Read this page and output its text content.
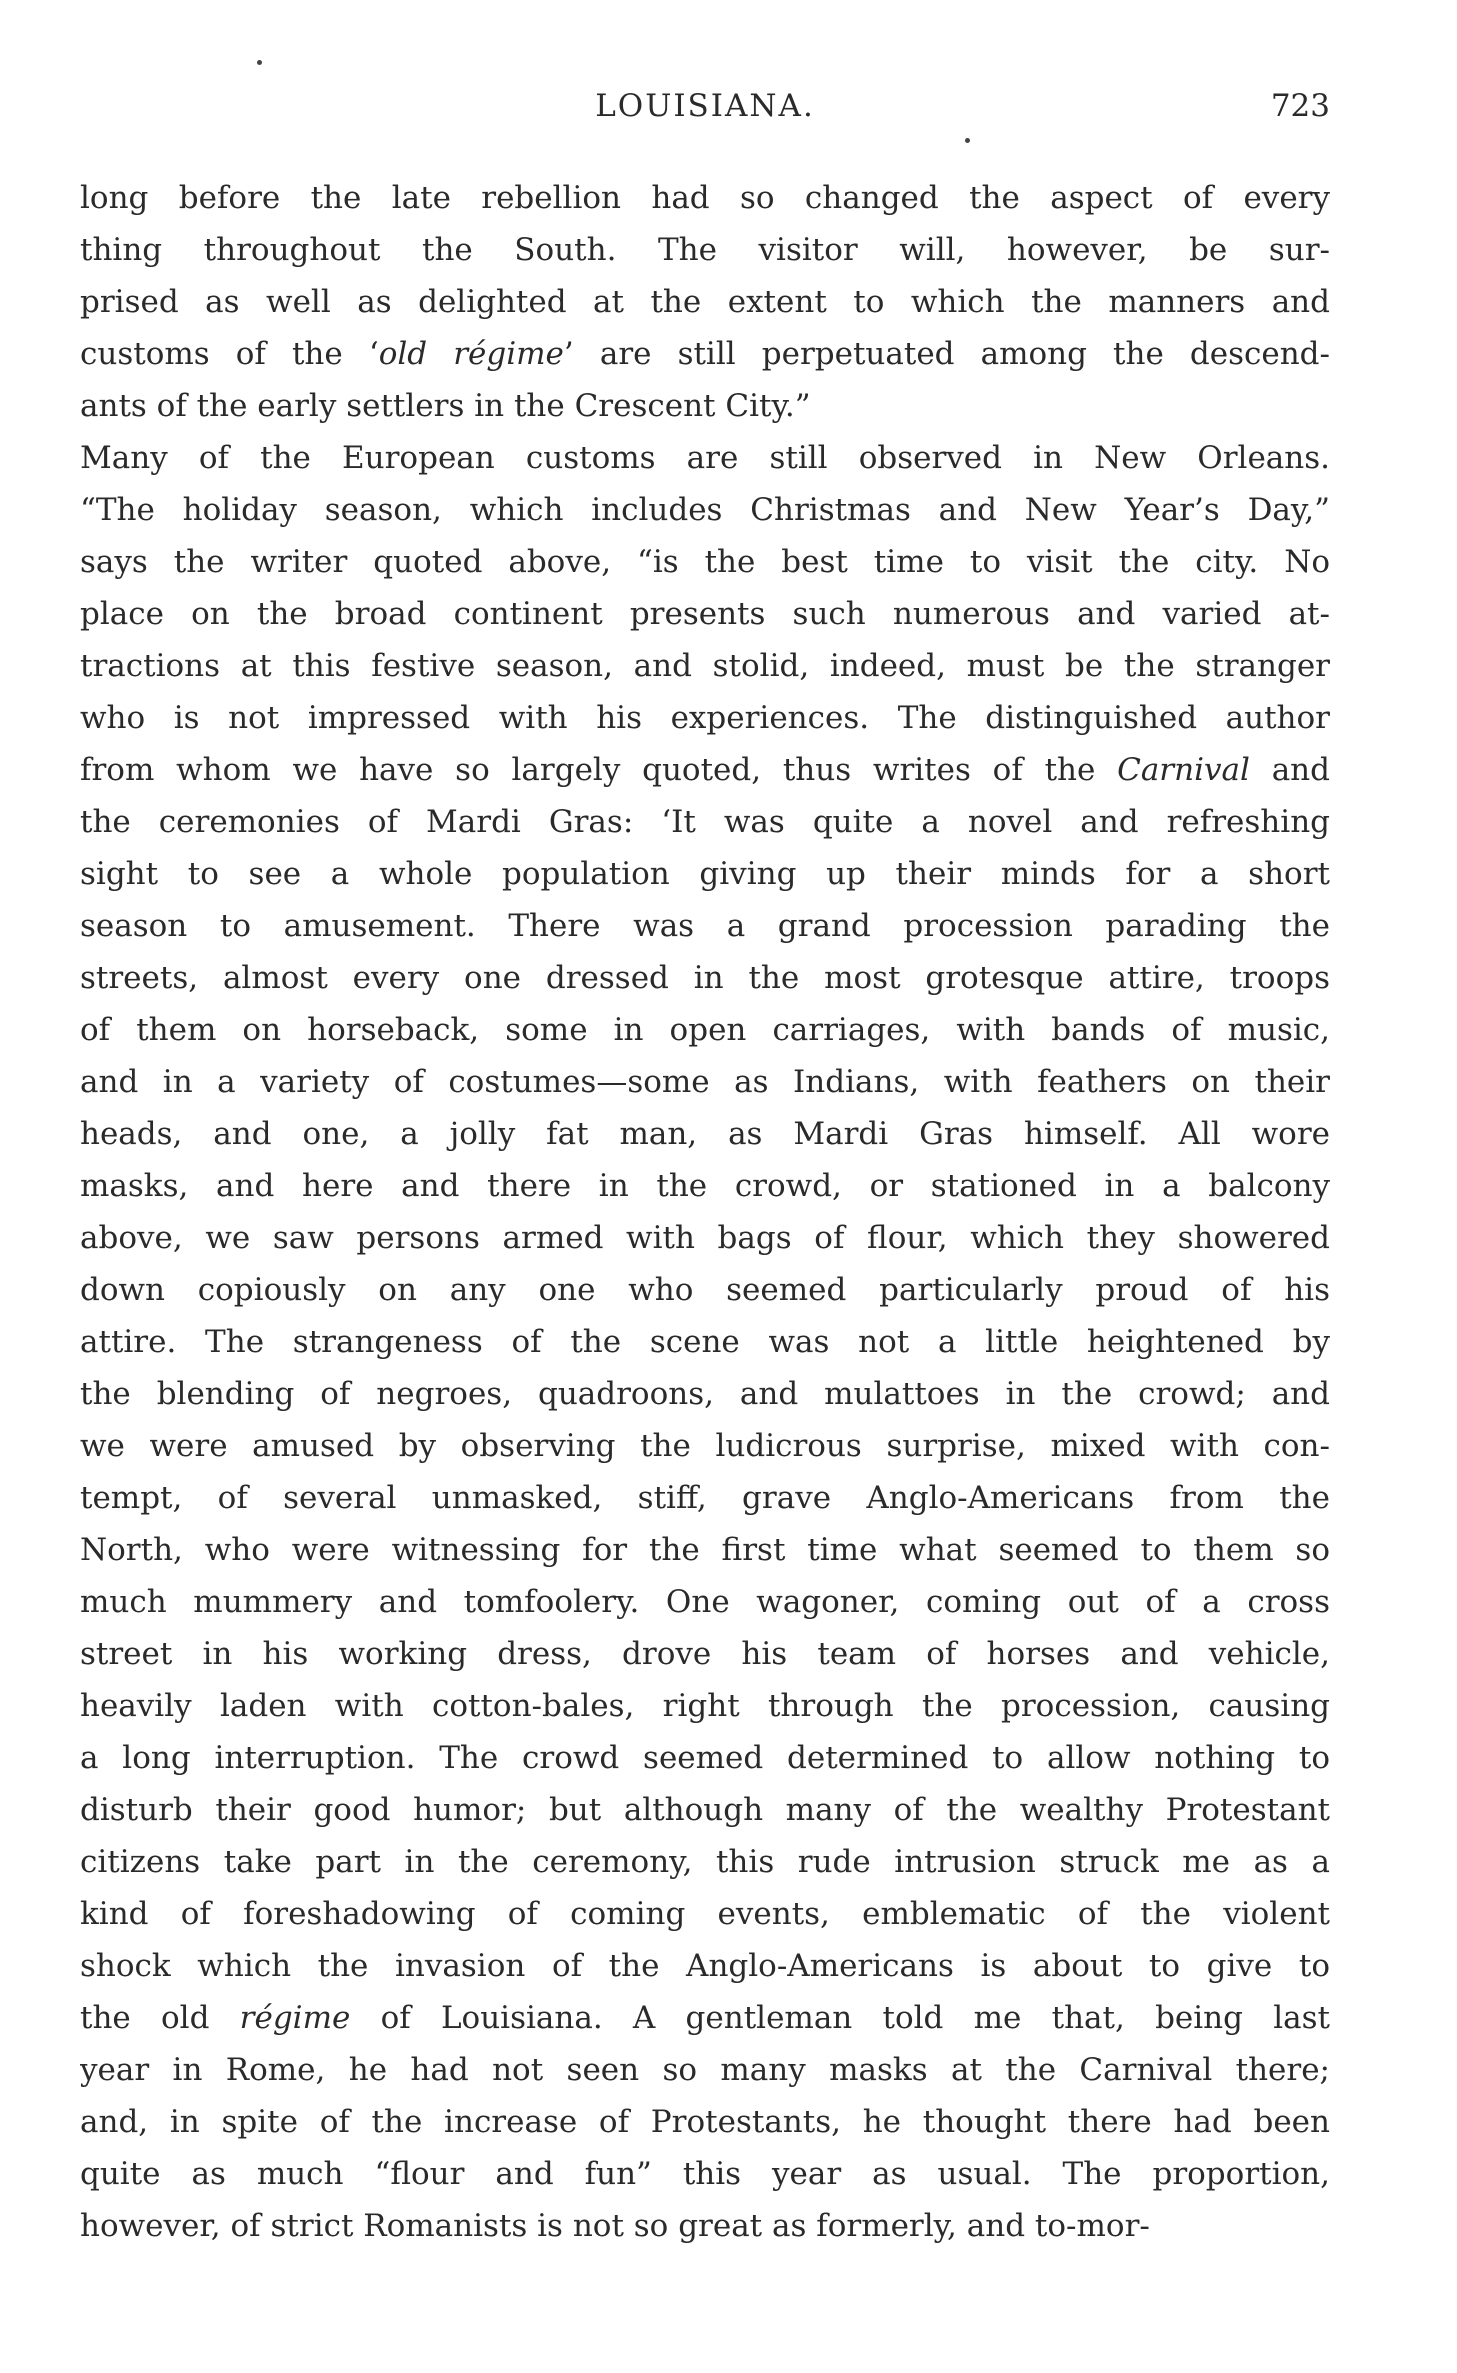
LOUISIANA.	723
long before the late rebellion had so changed the aspect of every
thing throughout the South. The visitor will, however, be sur-
prised as well as delighted at the extent to which the manners and
customs of the ‘old régime’ are still perpetuated among the descend-
ants of the early settlers in the Crescent City.”
Many of the European customs are still observed in New Orleans.
“The holiday season, which includes Christmas and New Year’s Day,”
says the writer quoted above, “is the best time to visit the city. No
place on the broad continent presents such numerous and varied at-
tractions at this festive season, and stolid, indeed, must be the stranger
who is not impressed with his experiences. The distinguished author
from whom we have so largely quoted, thus writes of the Carnival and
the ceremonies of Mardi Gras: ‘It was quite a novel and refreshing
sight to see a whole population giving up their minds for a short
season to amusement. There was a grand procession parading the
streets, almost every one dressed in the most grotesque attire, troops
of them on horseback, some in open carriages, with bands of music,
and in a variety of costumes—some as Indians, with feathers on their
heads, and one, a jolly fat man, as Mardi Gras himself. All wore
masks, and here and there in the crowd, or stationed in a balcony
above, we saw persons armed with bags of flour, which they showered
down copiously on any one who seemed particularly proud of his
attire. The strangeness of the scene was not a little heightened by
the blending of negroes, quadroons, and mulattoes in the crowd; and
we were amused by observing the ludicrous surprise, mixed with con-
tempt, of several unmasked, stiff, grave Anglo-Americans from the
North, who were witnessing for the first time what seemed to them so
much mummery and tomfoolery. One wagoner, coming out of a cross
street in his working dress, drove his team of horses and vehicle,
heavily laden with cotton-bales, right through the procession, causing
a long interruption. The crowd seemed determined to allow nothing to
disturb their good humor; but although many of the wealthy Protestant
citizens take part in the ceremony, this rude intrusion struck me as a
kind of foreshadowing of coming events, emblematic of the violent
shock which the invasion of the Anglo-Americans is about to give to
the old régime of Louisiana. A gentleman told me that, being last
year in Rome, he had not seen so many masks at the Carnival there;
and, in spite of the increase of Protestants, he thought there had been
quite as much “flour and fun” this year as usual. The proportion,
however, of strict Romanists is not so great as formerly, and to-mor-
